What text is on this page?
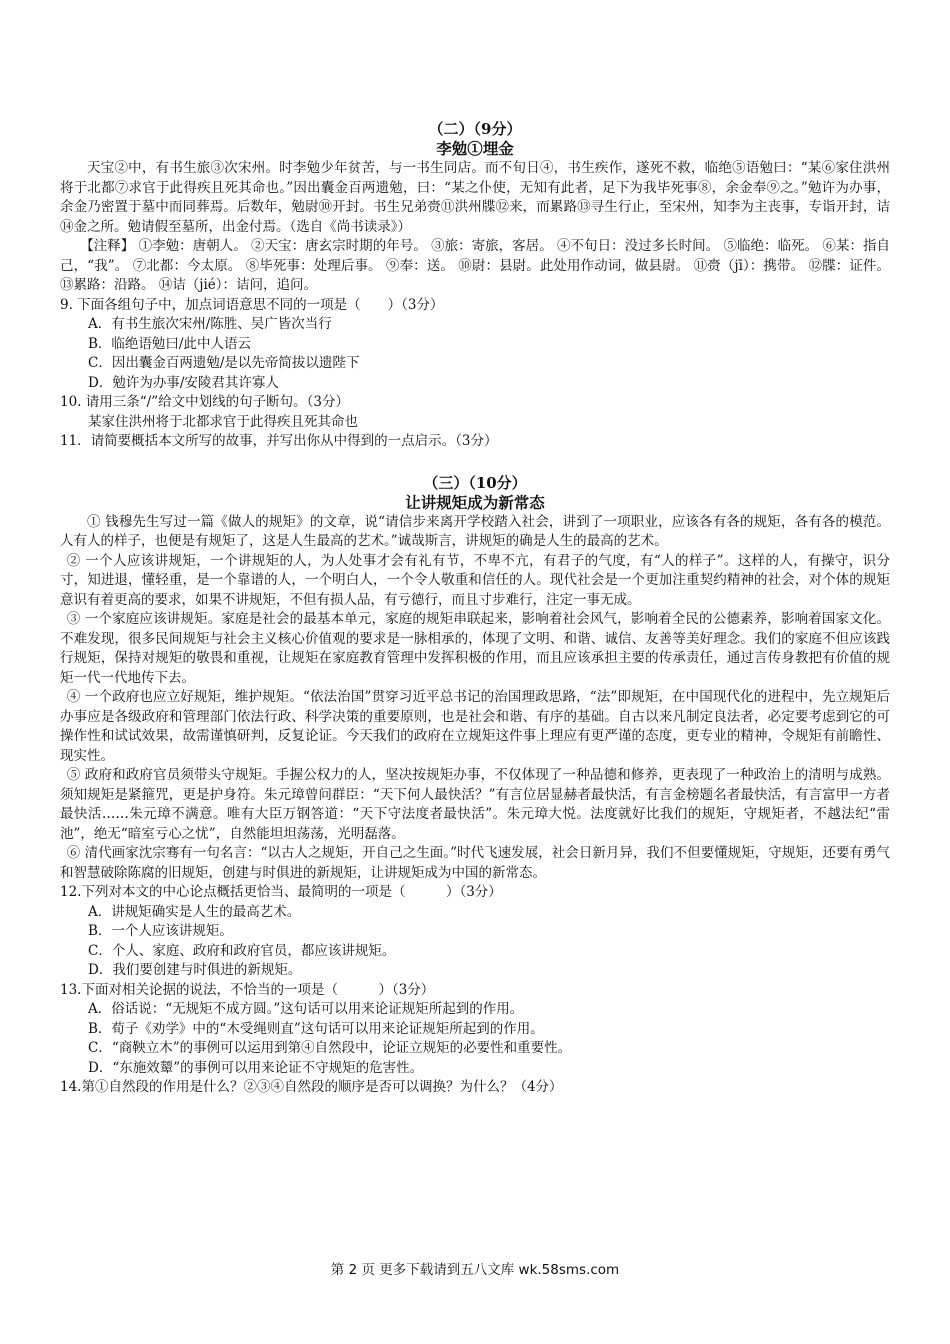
（二）（9分）
李勉①埋金

天宝②中，有书生旅③次宋州。时李勉少年贫苦，与一书生同店。而不旬日④，书生疾作，遂死不救，临绝⑤语勉曰：“某⑥家住洪州将于北都⑦求官于此得疾且死其命也。”因出囊金百两遗勉，曰：“某之仆使，无知有此者，足下为我毕死事⑧，余金奉⑨之。”勉许为办事，余金乃密置于墓中而同葬焉。后数年，勉尉⑩开封。书生兄弟赍⑪洪州牒⑫来，而累路⑬寻生行止，至宋州，知李为主丧事，专诣开封，诘⑭金之所。勉请假至墓所，出金付焉。（选自《尚书读录》）

【注释】 ①李勉：唐朝人。 ②天宝：唐玄宗时期的年号。 ③旅：寄旅，客居。 ④不旬日：没过多长时间。 ⑤临绝：临死。 ⑥某：指自己，“我”。 ⑦北都：今太原。 ⑧毕死事：处理后事。 ⑨奉：送。 ⑩尉：县尉。此处用作动词，做县尉。 ⑪赍（jī）：携带。 ⑫牒：证件。 ⑬累路：沿路。 ⑭诘（jié）：诘问，追问。

9. 下面各组句子中，加点词语意思不同的一项是（　　）（3分）

A．有书生旅次宋州/陈胜、吴广皆次当行

B．临绝语勉曰/此中人语云

C．因出囊金百两遗勉/是以先帝简拔以遗陛下

D．勉许为办事/安陵君其许寡人

10. 请用三条“/”给文中划线的句子断句。（3分）

某家住洪州将于北都求官于此得疾且死其命也

11．请简要概括本文所写的故事，并写出你从中得到的一点启示。（3分）

（三）（10分）
让讲规矩成为新常态

① 钱穆先生写过一篇《做人的规矩》的文章，说“请信步来离开学校踏入社会，讲到了一项职业，应该各有各的规矩，各有各的模范。人有人的样子，也便是有规矩了，这是人生最高的艺术。”诚哉斯言，讲规矩的确是人生的最高的艺术。

② 一个人应该讲规矩，一个讲规矩的人，为人处事才会有礼有节，不卑不亢，有君子的气度，有“人的样子”。这样的人，有操守，识分寸，知进退，懂轻重，是一个靠谱的人，一个明白人，一个令人敬重和信任的人。现代社会是一个更加注重契约精神的社会，对个体的规矩意识有着更高的要求，如果不讲规矩，不但有损人品，有亏德行，而且寸步难行，注定一事无成。

③ 一个家庭应该讲规矩。家庭是社会的最基本单元，家庭的规矩串联起来，影响着社会风气，影响着全民的公德素养，影响着国家文化。不难发现，很多民间规矩与社会主义核心价值观的要求是一脉相承的，体现了文明、和谐、诚信、友善等美好理念。我们的家庭不但应该践行规矩，保持对规矩的敬畏和重视，让规矩在家庭教育管理中发挥积极的作用，而且应该承担主要的传承责任，通过言传身教把有价值的规矩一代一代地传下去。

④ 一个政府也应立好规矩，维护规矩。“依法治国”贯穿习近平总书记的治国理政思路，“法”即规矩，在中国现代化的进程中，先立规矩后办事应是各级政府和管理部门依法行政、科学决策的重要原则，也是社会和谐、有序的基础。自古以来凡制定良法者，必定要考虑到它的可操作性和试试效果，故需谨慎研判，反复论证。今天我们的政府在立规矩这件事上理应有更严谨的态度，更专业的精神，令规矩有前瞻性、现实性。

⑤ 政府和政府官员须带头守规矩。手握公权力的人，坚决按规矩办事，不仅体现了一种品德和修养，更表现了一种政治上的清明与成熟。须知规矩是紧箍咒，更是护身符。朱元璋曾问群臣：“天下何人最快活？”有言位居显赫者最快活，有言金榜题名者最快活，有言富甲一方者最快活……朱元璋不满意。唯有大臣万钢答道：“天下守法度者最快活”。朱元璋大悦。法度就好比我们的规矩，守规矩者，不越法纪“雷池”，绝无“暗室亏心之忧”，自然能坦坦荡荡，光明磊落。

⑥ 清代画家沈宗骞有一句名言：“以古人之规矩，开自己之生面。”时代飞速发展，社会日新月异，我们不但要懂规矩，守规矩，还要有勇气和智慧破除陈腐的旧规矩，创建与时俱进的新规矩，让讲规矩成为中国的新常态。

12.下列对本文的中心论点概括更恰当、最简明的一项是（　　　）（3分）

A．讲规矩确实是人生的最高艺术。

B．一个人应该讲规矩。

C．个人、家庭、政府和政府官员，都应该讲规矩。

D．我们要创建与时俱进的新规矩。

13.下面对相关论据的说法，不恰当的一项是（　　　）（3分）

A．俗话说：“无规矩不成方圆。”这句话可以用来论证规矩所起到的作用。

B．荀子《劝学》中的“木受绳则直”这句话可以用来论证规矩所起到的作用。

C．“商鞅立木”的事例可以运用到第④自然段中，论证立规矩的必要性和重要性。

D．“东施效颦”的事例可以用来论证不守规矩的危害性。

14.第①自然段的作用是什么？②③④自然段的顺序是否可以调换？为什么？（4分）

第 2 页 更多下载请到五八文库 wk.58sms.com
